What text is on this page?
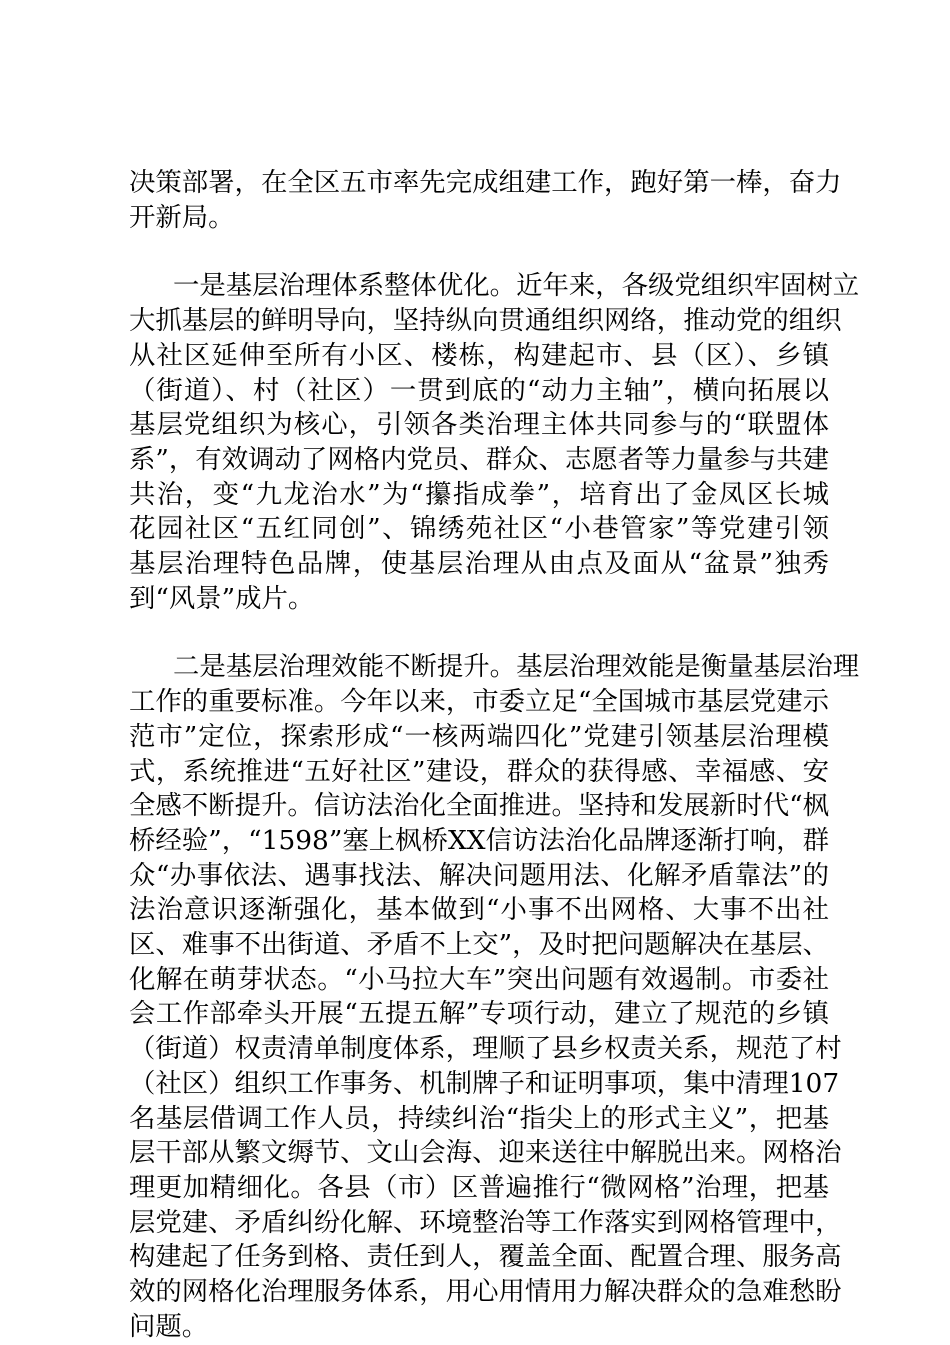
决策部署，在全区五市率先完成组建工作，跑好第一棒，奋力
开新局。
一是基层治理体系整体优化。近年来，各级党组织牢固树立
大抓基层的鲜明导向，坚持纵向贯通组织网络，推动党的组织
从社区延伸至所有小区、楼栋，构建起市、县（区）、乡镇
（街道）、村（社区）一贯到底的“动力主轴”，横向拓展以
基层党组织为核心，引领各类治理主体共同参与的“联盟体
系”，有效调动了网格内党员、群众、志愿者等力量参与共建
共治，变“九龙治水”为“攥指成拳”，培育出了金凤区长城
花园社区“五红同创”、锦绣苑社区“小巷管家”等党建引领
基层治理特色品牌，使基层治理从由点及面从“盆景”独秀
到“风景”成片。
二是基层治理效能不断提升。基层治理效能是衡量基层治理
工作的重要标准。今年以来，市委立足“全国城市基层党建示
范市”定位，探索形成“一核两端四化”党建引领基层治理模
式，系统推进“五好社区”建设，群众的获得感、幸福感、安
全感不断提升。信访法治化全面推进。坚持和发展新时代“枫
桥经验”，“1598”塞上枫桥XX信访法治化品牌逐渐打响，群
众“办事依法、遇事找法、解决问题用法、化解矛盾靠法”的
法治意识逐渐强化，基本做到“小事不出网格、大事不出社
区、难事不出街道、矛盾不上交”，及时把问题解决在基层、
化解在萌芽状态。“小马拉大车”突出问题有效遏制。市委社
会工作部牵头开展“五提五解”专项行动，建立了规范的乡镇
（街道）权责清单制度体系，理顺了县乡权责关系，规范了村
（社区）组织工作事务、机制牌子和证明事项，集中清理107
名基层借调工作人员，持续纠治“指尖上的形式主义”，把基
层干部从繁文缛节、文山会海、迎来送往中解脱出来。网格治
理更加精细化。各县（市）区普遍推行“微网格”治理，把基
层党建、矛盾纠纷化解、环境整治等工作落实到网格管理中，
构建起了任务到格、责任到人，覆盖全面、配置合理、服务高
效的网格化治理服务体系，用心用情用力解决群众的急难愁盼
问题。
